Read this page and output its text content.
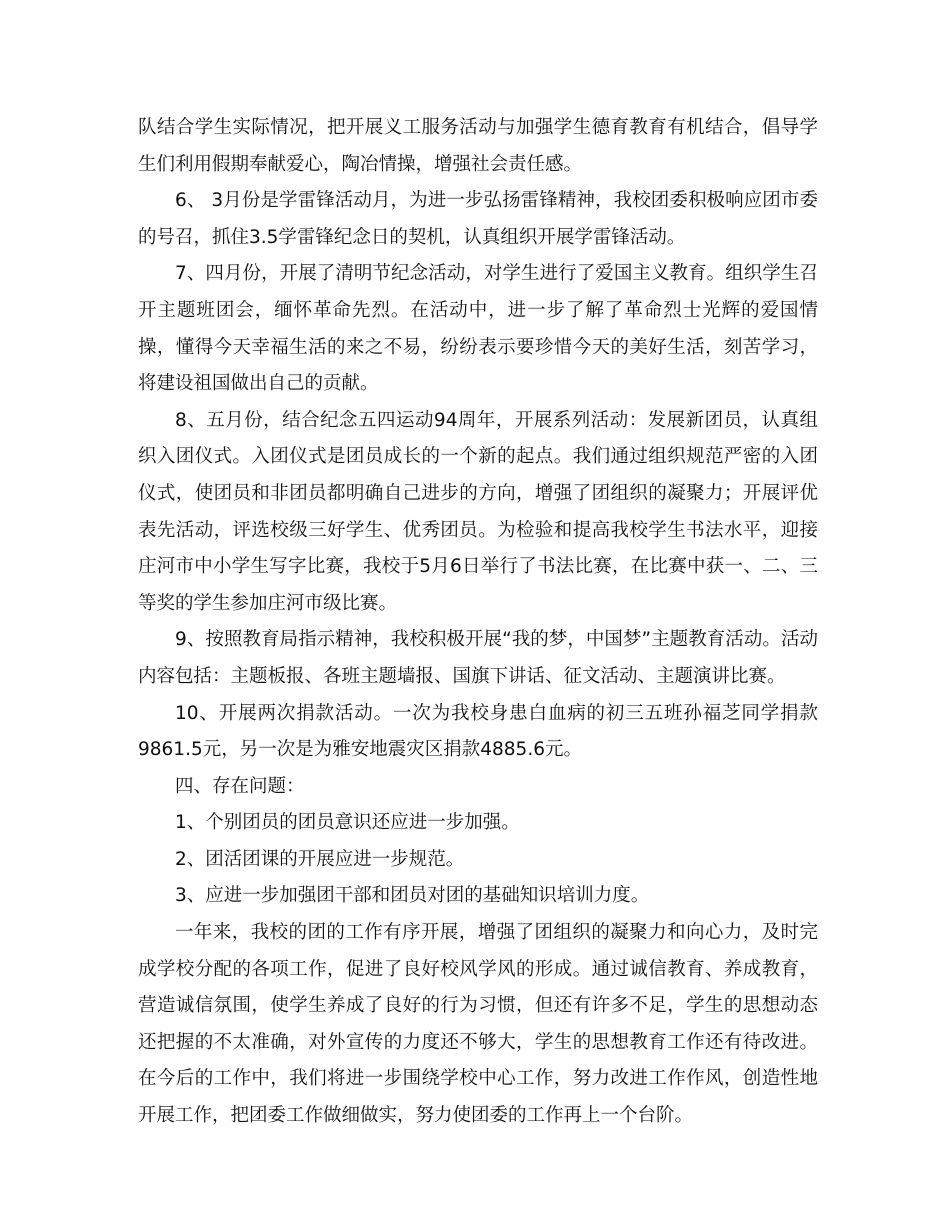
队结合学生实际情况，把开展义工服务活动与加强学生德育教育有机结合，倡导学生们利用假期奉献爱心，陶冶情操，增强社会责任感。

6、 3月份是学雷锋活动月，为进一步弘扬雷锋精神，我校团委积极响应团市委的号召，抓住3.5学雷锋纪念日的契机，认真组织开展学雷锋活动。

7、四月份，开展了清明节纪念活动，对学生进行了爱国主义教育。组织学生召开主题班团会，缅怀革命先烈。在活动中，进一步了解了革命烈士光辉的爱国情操，懂得今天幸福生活的来之不易，纷纷表示要珍惜今天的美好生活，刻苦学习，将建设祖国做出自己的贡献。

8、五月份，结合纪念五四运动94周年，开展系列活动：发展新团员，认真组织入团仪式。入团仪式是团员成长的一个新的起点。我们通过组织规范严密的入团仪式，使团员和非团员都明确自己进步的方向，增强了团组织的凝聚力；开展评优表先活动，评选校级三好学生、优秀团员。为检验和提高我校学生书法水平，迎接庄河市中小学生写字比赛，我校于5月6日举行了书法比赛，在比赛中获一、二、三等奖的学生参加庄河市级比赛。

9、按照教育局指示精神，我校积极开展“我的梦，中国梦”主题教育活动。活动内容包括：主题板报、各班主题墙报、国旗下讲话、征文活动、主题演讲比赛。

10、开展两次捐款活动。一次为我校身患白血病的初三五班孙福芝同学捐款9861.5元，另一次是为雅安地震灾区捐款4885.6元。

四、存在问题：

1、个别团员的团员意识还应进一步加强。

2、团活团课的开展应进一步规范。

3、应进一步加强团干部和团员对团的基础知识培训力度。

一年来，我校的团的工作有序开展，增强了团组织的凝聚力和向心力，及时完成学校分配的各项工作，促进了良好校风学风的形成。通过诚信教育、养成教育，营造诚信氛围，使学生养成了良好的行为习惯，但还有许多不足，学生的思想动态还把握的不太准确，对外宣传的力度还不够大，学生的思想教育工作还有待改进。在今后的工作中，我们将进一步围绕学校中心工作，努力改进工作作风，创造性地开展工作，把团委工作做细做实，努力使团委的工作再上一个台阶。
